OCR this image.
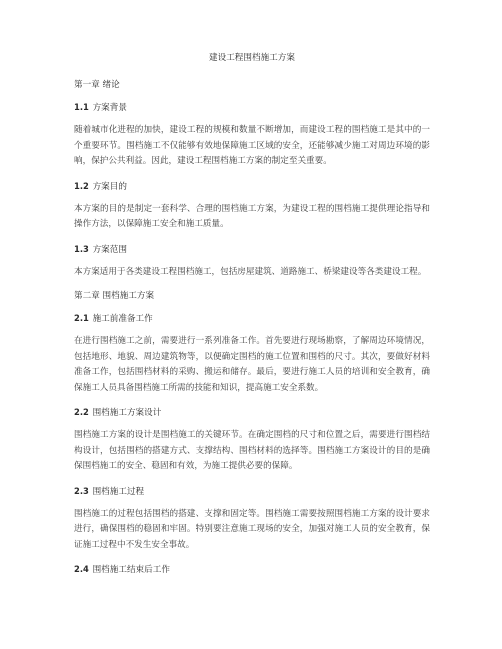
建设工程围档施工方案
第一章 绪论
1.1 方案背景
随着城市化进程的加快，建设工程的规模和数量不断增加，而建设工程的围档施工是其中的一个重要环节。围档施工不仅能够有效地保障施工区域的安全，还能够减少施工对周边环境的影响，保护公共利益。因此，建设工程围档施工方案的制定至关重要。
1.2 方案目的
本方案的目的是制定一套科学、合理的围档施工方案，为建设工程的围档施工提供理论指导和操作方法，以保障施工安全和施工质量。
1.3 方案范围
本方案适用于各类建设工程围档施工，包括房屋建筑、道路施工、桥梁建设等各类建设工程。
第二章 围档施工方案
2.1 施工前准备工作
在进行围档施工之前，需要进行一系列准备工作。首先要进行现场勘察，了解周边环境情况，包括地形、地貌、周边建筑物等，以便确定围档的施工位置和围档的尺寸。其次，要做好材料准备工作，包括围档材料的采购、搬运和储存。最后，要进行施工人员的培训和安全教育，确保施工人员具备围档施工所需的技能和知识，提高施工安全系数。
2.2 围档施工方案设计
围档施工方案的设计是围档施工的关键环节。在确定围档的尺寸和位置之后，需要进行围档结构设计，包括围档的搭建方式、支撑结构、围档材料的选择等。围档施工方案设计的目的是确保围档施工的安全、稳固和有效，为施工提供必要的保障。
2.3 围档施工过程
围档施工的过程包括围档的搭建、支撑和固定等。围档施工需要按照围档施工方案的设计要求进行，确保围档的稳固和牢固。特别要注意施工现场的安全，加强对施工人员的安全教育，保证施工过程中不发生安全事故。
2.4 围档施工结束后工作
